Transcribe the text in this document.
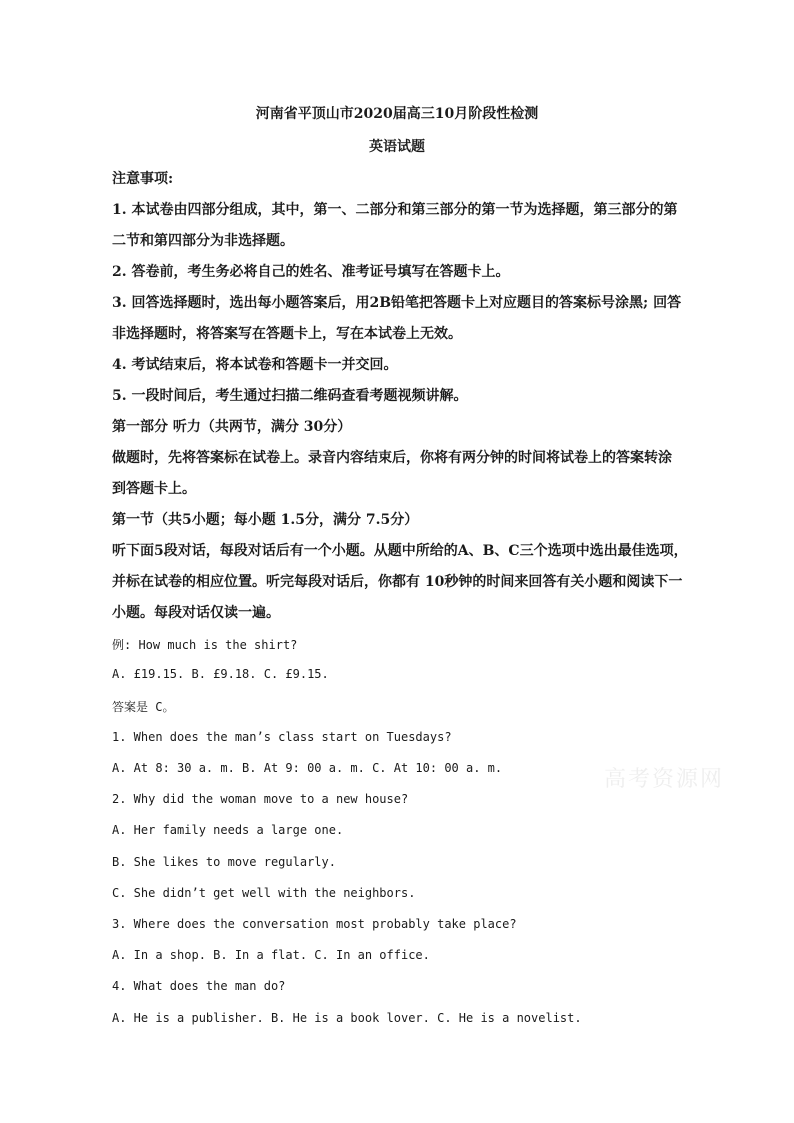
河南省平顶山市2020届高三10月阶段性检测
英语试题
注意事项:
1. 本试卷由四部分组成，其中，第一、二部分和第三部分的第一节为选择题，第三部分的第
二节和第四部分为非选择题。
2. 答卷前，考生务必将自己的姓名、准考证号填写在答题卡上。
3. 回答选择题时，选出每小题答案后，用2B铅笔把答题卡上对应题目的答案标号涂黑; 回答
非选择题时，将答案写在答题卡上，写在本试卷上无效。
4. 考试结束后，将本试卷和答题卡一并交回。
5. 一段时间后，考生通过扫描二维码查看考题视频讲解。
第一部分 听力（共两节，满分 30分）
做题时，先将答案标在试卷上。录音内容结束后，你将有两分钟的时间将试卷上的答案转涂
到答题卡上。
第一节（共5小题；每小题 1.5分，满分 7.5分）
听下面5段对话，每段对话后有一个小题。从题中所给的A、B、C三个选项中选出最佳选项，
并标在试卷的相应位置。听完每段对话后，你都有 10秒钟的时间来回答有关小题和阅读下一
小题。每段对话仅读一遍。
例: How much is the shirt?
A. £19.15. B. £9.18. C. £9.15.
答案是 C。
1. When does the man’s class start on Tuesdays?
A. At 8: 30 a. m. B. At 9: 00 a. m. C. At 10: 00 a. m.
2. Why did the woman move to a new house?
A. Her family needs a large one.
B. She likes to move regularly.
C. She didn’t get well with the neighbors.
3. Where does the conversation most probably take place?
A. In a shop. B. In a flat. C. In an office.
4. What does the man do?
A. He is a publisher. B. He is a book lover. C. He is a novelist.
高考资源网
